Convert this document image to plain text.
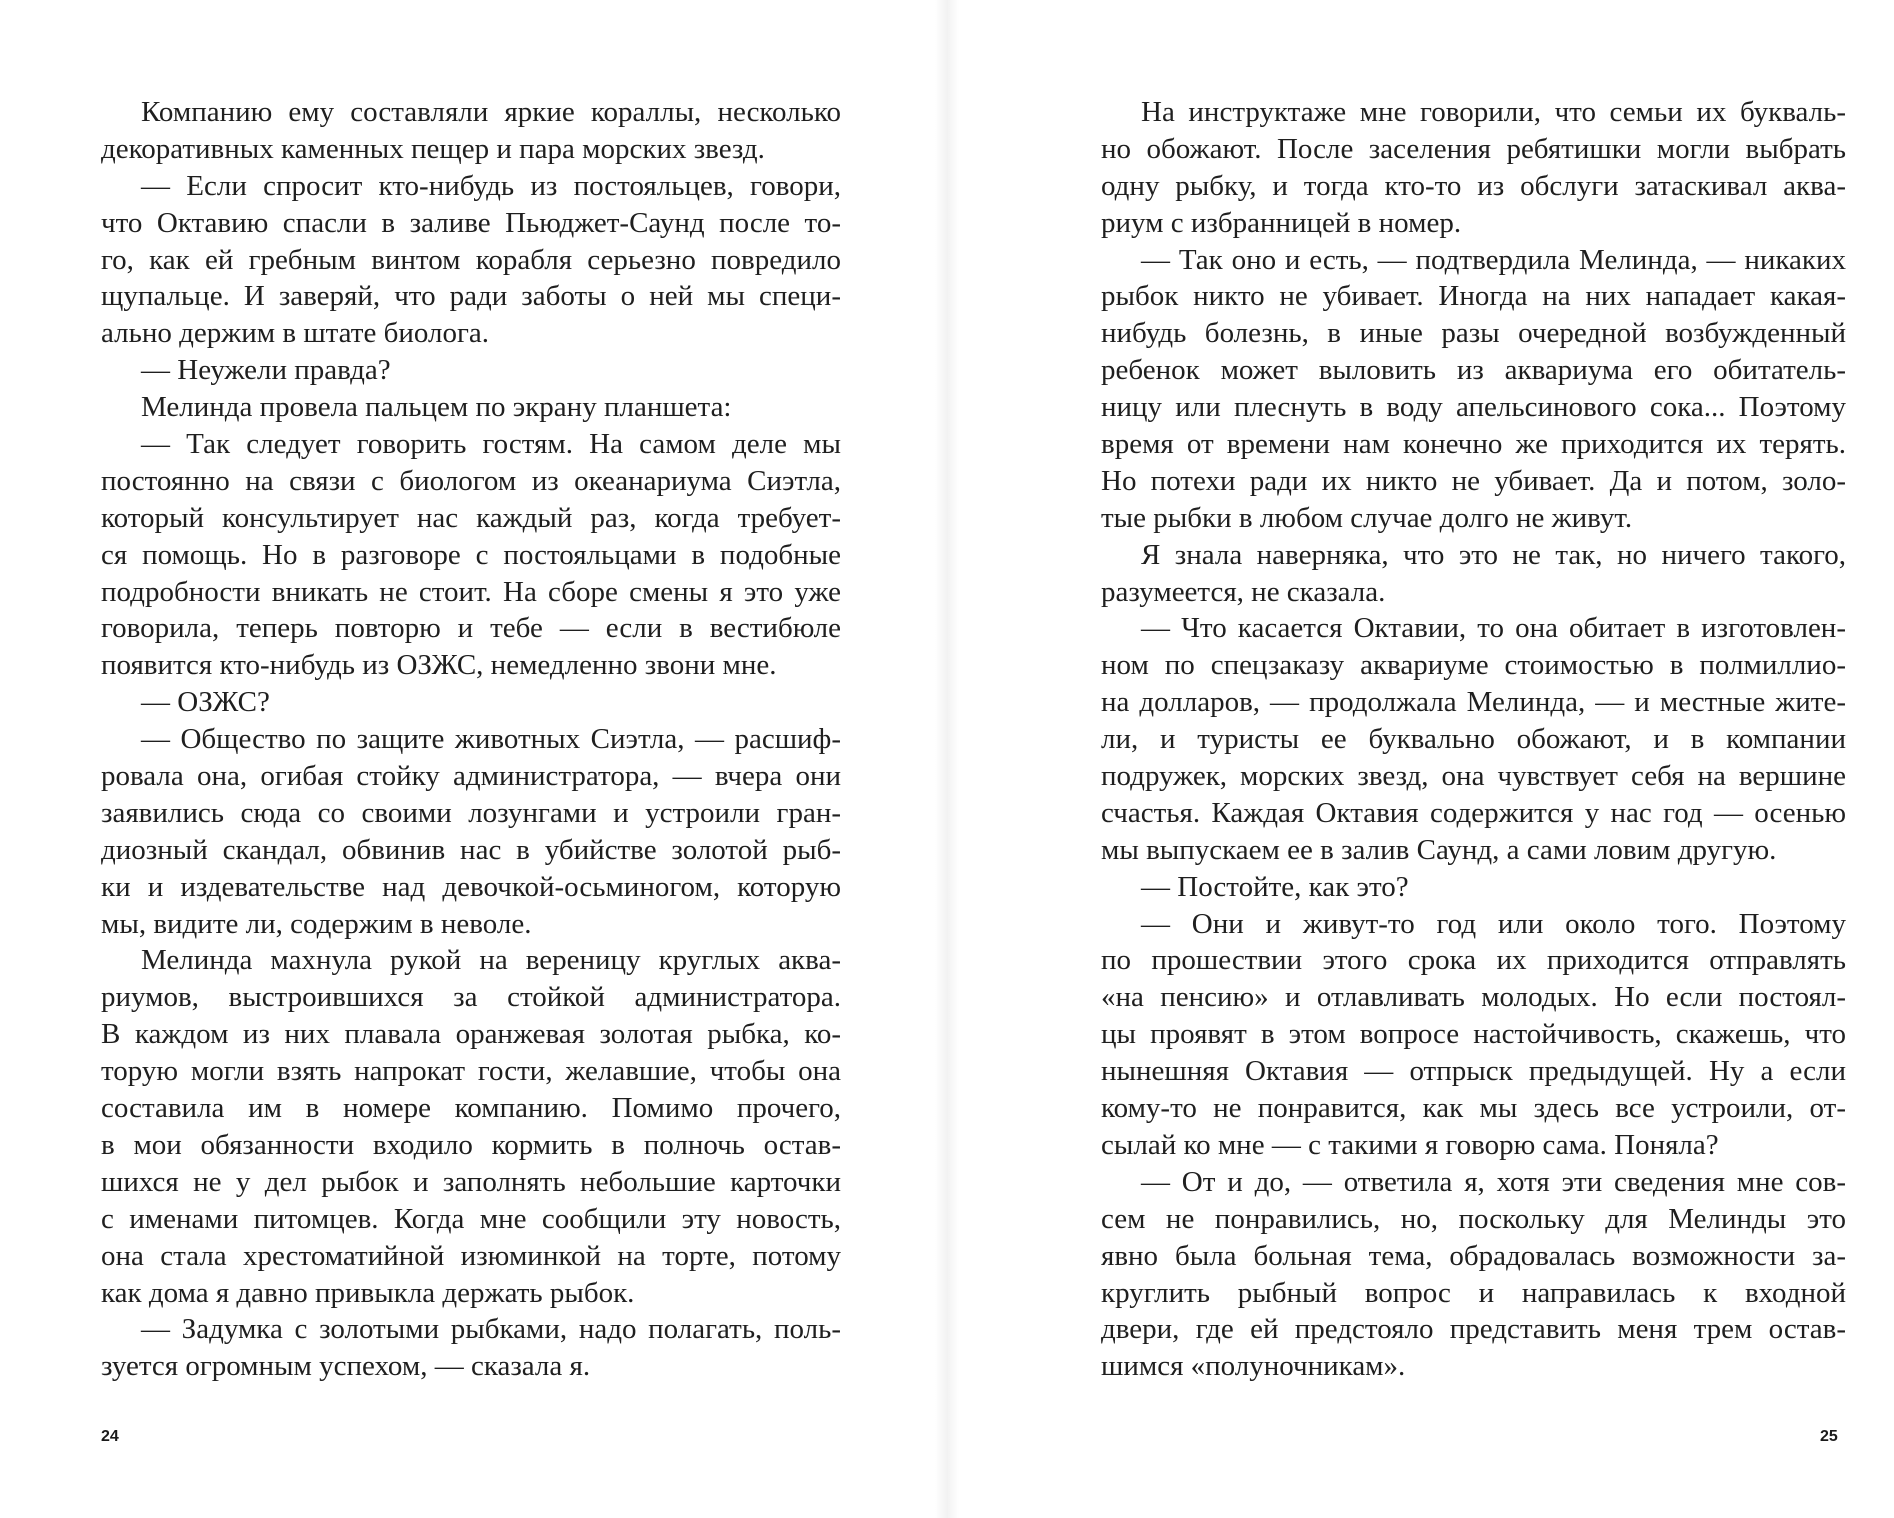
Компанию ему составляли яркие кораллы, несколько
декоративных каменных пещер и пара морских звезд.
— Если спросит кто-нибудь из постояльцев, говори,
что Октавию спасли в заливе Пьюджет-Саунд после то-
го, как ей гребным винтом корабля серьезно повредило
щупальце. И заверяй, что ради заботы о ней мы специ-
ально держим в штате биолога.
— Неужели правда?
Мелинда провела пальцем по экрану планшета:
— Так следует говорить гостям. На самом деле мы
постоянно на связи с биологом из океанариума Сиэтла,
который консультирует нас каждый раз, когда требует-
ся помощь. Но в разговоре с постояльцами в подобные
подробности вникать не стоит. На сборе смены я это уже
говорила, теперь повторю и тебе — если в вестибюле
появится кто-нибудь из ОЗЖС, немедленно звони мне.
— ОЗЖС?
— Общество по защите животных Сиэтла, — расшиф-
ровала она, огибая стойку администратора, — вчера они
заявились сюда со своими лозунгами и устроили гран-
диозный скандал, обвинив нас в убийстве золотой рыб-
ки и издевательстве над девочкой-осьминогом, которую
мы, видите ли, содержим в неволе.
Мелинда махнула рукой на вереницу круглых аква-
риумов, выстроившихся за стойкой администратора.
В каждом из них плавала оранжевая золотая рыбка, ко-
торую могли взять напрокат гости, желавшие, чтобы она
составила им в номере компанию. Помимо прочего,
в мои обязанности входило кормить в полночь остав-
шихся не у дел рыбок и заполнять небольшие карточки
с именами питомцев. Когда мне сообщили эту новость,
она стала хрестоматийной изюминкой на торте, потому
как дома я давно привыкла держать рыбок.
— Задумка с золотыми рыбками, надо полагать, поль-
зуется огромным успехом, — сказала я.
24
На инструктаже мне говорили, что семьи их букваль-
но обожают. После заселения ребятишки могли выбрать
одну рыбку, и тогда кто-то из обслуги затаскивал аква-
риум с избранницей в номер.
— Так оно и есть, — подтвердила Мелинда, — никаких
рыбок никто не убивает. Иногда на них нападает какая-
нибудь болезнь, в иные разы очередной возбужденный
ребенок может выловить из аквариума его обитатель-
ницу или плеснуть в воду апельсинового сока... Поэтому
время от времени нам конечно же приходится их терять.
Но потехи ради их никто не убивает. Да и потом, золо-
тые рыбки в любом случае долго не живут.
Я знала наверняка, что это не так, но ничего такого,
разумеется, не сказала.
— Что касается Октавии, то она обитает в изготовлен-
ном по спецзаказу аквариуме стоимостью в полмиллио-
на долларов, — продолжала Мелинда, — и местные жите-
ли, и туристы ее буквально обожают, и в компании
подружек, морских звезд, она чувствует себя на вершине
счастья. Каждая Октавия содержится у нас год — осенью
мы выпускаем ее в залив Саунд, а сами ловим другую.
— Постойте, как это?
— Они и живут-то год или около того. Поэтому
по прошествии этого срока их приходится отправлять
«на пенсию» и отлавливать молодых. Но если постоял-
цы проявят в этом вопросе настойчивость, скажешь, что
нынешняя Октавия — отпрыск предыдущей. Ну а если
кому-то не понравится, как мы здесь все устроили, от-
сылай ко мне — с такими я говорю сама. Поняла?
— От и до, — ответила я, хотя эти сведения мне сов-
сем не понравились, но, поскольку для Мелинды это
явно была больная тема, обрадовалась возможности за-
круглить рыбный вопрос и направилась к входной
двери, где ей предстояло представить меня трем остав-
шимся «полуночникам».
25
